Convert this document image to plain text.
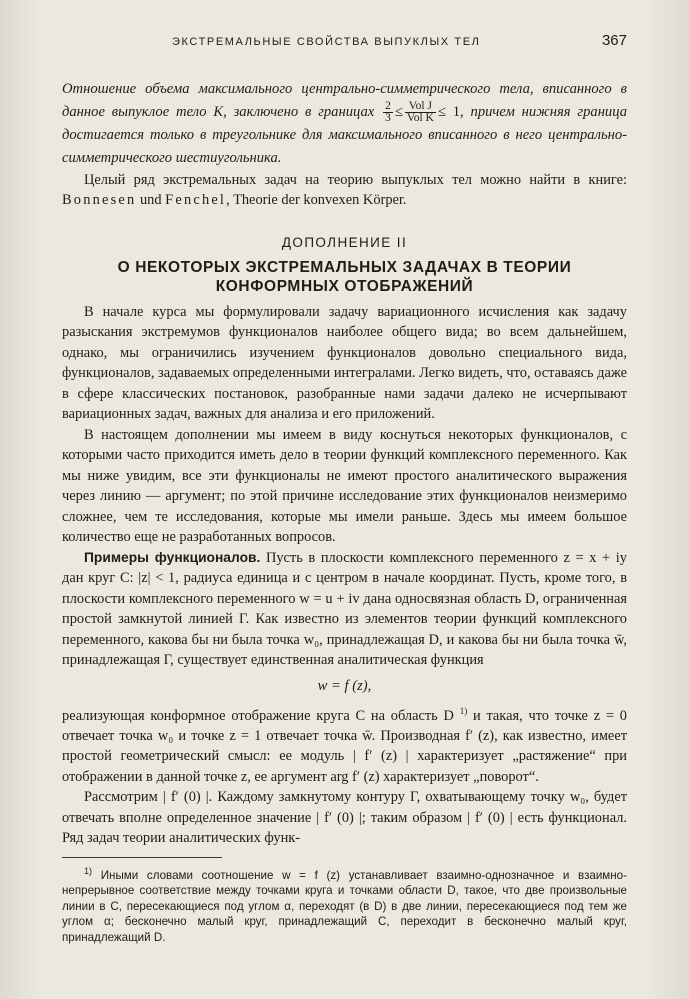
ЭКСТРЕМАЛЬНЫЕ СВОЙСТВА ВЫПУКЛЫХ ТЕЛ	367

Отношение объема максимального центрально-симметрического тела, вписанного в данное выпуклое тело K, заключено в границах $\frac{2}{3} \le \frac{\text{Vol J}}{\text{Vol K}} \le 1$, причем нижняя граница достигается только в треугольнике для максимального вписанного в него центрально-симметрического шестиугольника.

Целый ряд экстремальных задач на теорию выпуклых тел можно найти в книге: Bonnesen und Fenchel, Theorie der konvexen Körper.

ДОПОЛНЕНИЕ II
О НЕКОТОРЫХ ЭКСТРЕМАЛЬНЫХ ЗАДАЧАХ В ТЕОРИИ КОНФОРМНЫХ ОТОБРАЖЕНИЙ

В начале курса мы формулировали задачу вариационного исчисления как задачу разыскания экстремумов функционалов наиболее общего вида; во всем дальнейшем, однако, мы ограничились изучением функционалов довольно специального вида, функционалов, задаваемых определенными интегралами. Легко видеть, что, оставаясь даже в сфере классических постановок, разобранные нами задачи далеко не исчерпывают вариационных задач, важных для анализа и его приложений.

В настоящем дополнении мы имеем в виду коснуться некоторых функционалов, с которыми часто приходится иметь дело в теории функций комплексного переменного. Как мы ниже увидим, все эти функционалы не имеют простого аналитического выражения через линию — аргумент; по этой причине исследование этих функционалов неизмеримо сложнее, чем те исследования, которые мы имели раньше. Здесь мы имеем большое количество еще не разработанных вопросов.

Примеры функционалов. Пусть в плоскости комплексного переменного z = x + iy дан круг C: |z| < 1, радиуса единица и с центром в начале координат. Пусть, кроме того, в плоскости комплексного переменного w = u + iv дана односвязная область D, ограниченная простой замкнутой линией Γ. Как известно из элементов теории функций комплексного переменного, какова бы ни была точка w₀, принадлежащая D, и какова бы ни была точка w̄, принадлежащая Γ, существует единственная аналитическая функция

w = f (z),

реализующая конформное отображение круга C на область D $^{1)}$ и такая, что точке z = 0 отвечает точка w₀ и точке z = 1 отвечает точка w̄. Производная f′ (z), как известно, имеет простой геометрический смысл: ее модуль | f′ (z) | характеризует „растяжение“ при отображении в данной точке z, ее аргумент arg f′ (z) характеризует „поворот“.

Рассмотрим | f′ (0) |. Каждому замкнутому контуру Γ, охватывающему точку w₀, будет отвечать вполне определенное значение | f′ (0) |; таким образом | f′ (0) | есть функционал. Ряд задач теории аналитических функ-

$^{1)}$ Иными словами соотношение w = f (z) устанавливает взаимно-однозначное и взаимно-непрерывное соответствие между точками круга и точками области D, такое, что две произвольные линии в C, пересекающиеся под углом α, переходят (в D) в две линии, пересекающиеся под тем же углом α; бесконечно малый круг, принадлежащий C, переходит в бесконечно малый круг, принадлежащий D.
